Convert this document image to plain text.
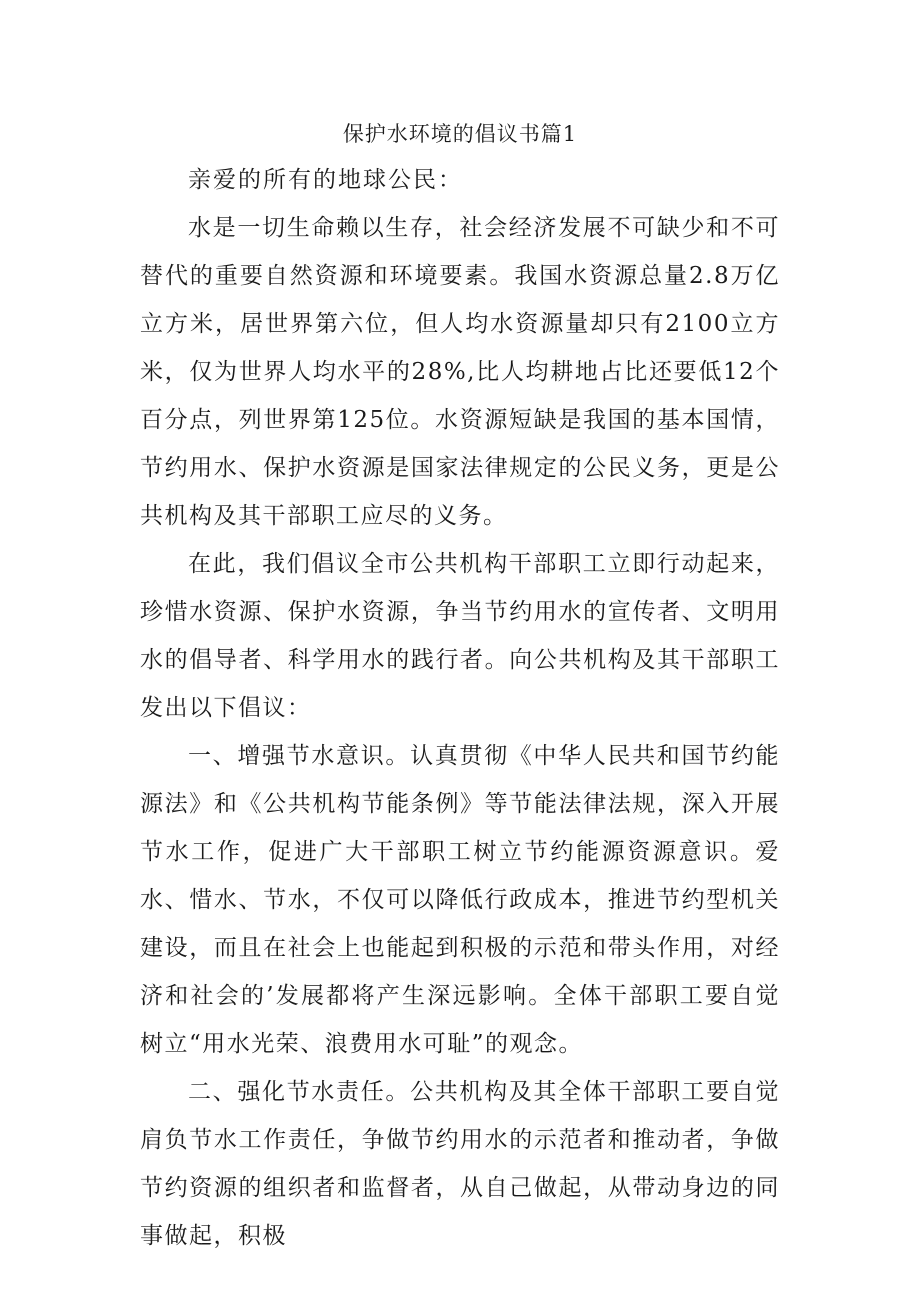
保护水环境的倡议书篇1

亲爱的所有的地球公民：

水是一切生命赖以生存，社会经济发展不可缺少和不可替代的重要自然资源和环境要素。我国水资源总量2.8万亿立方米，居世界第六位，但人均水资源量却只有2100立方米，仅为世界人均水平的28%,比人均耕地占比还要低12个百分点，列世界第125位。水资源短缺是我国的基本国情，节约用水、保护水资源是国家法律规定的公民义务，更是公共机构及其干部职工应尽的义务。

在此，我们倡议全市公共机构干部职工立即行动起来，珍惜水资源、保护水资源，争当节约用水的宣传者、文明用水的倡导者、科学用水的践行者。向公共机构及其干部职工发出以下倡议：

一、增强节水意识。认真贯彻《中华人民共和国节约能源法》和《公共机构节能条例》等节能法律法规，深入开展节水工作，促进广大干部职工树立节约能源资源意识。爱水、惜水、节水，不仅可以降低行政成本，推进节约型机关建设，而且在社会上也能起到积极的示范和带头作用，对经济和社会的’发展都将产生深远影响。全体干部职工要自觉树立“用水光荣、浪费用水可耻”的观念。

二、强化节水责任。公共机构及其全体干部职工要自觉肩负节水工作责任，争做节约用水的示范者和推动者，争做节约资源的组织者和监督者，从自己做起，从带动身边的同事做起，积极
